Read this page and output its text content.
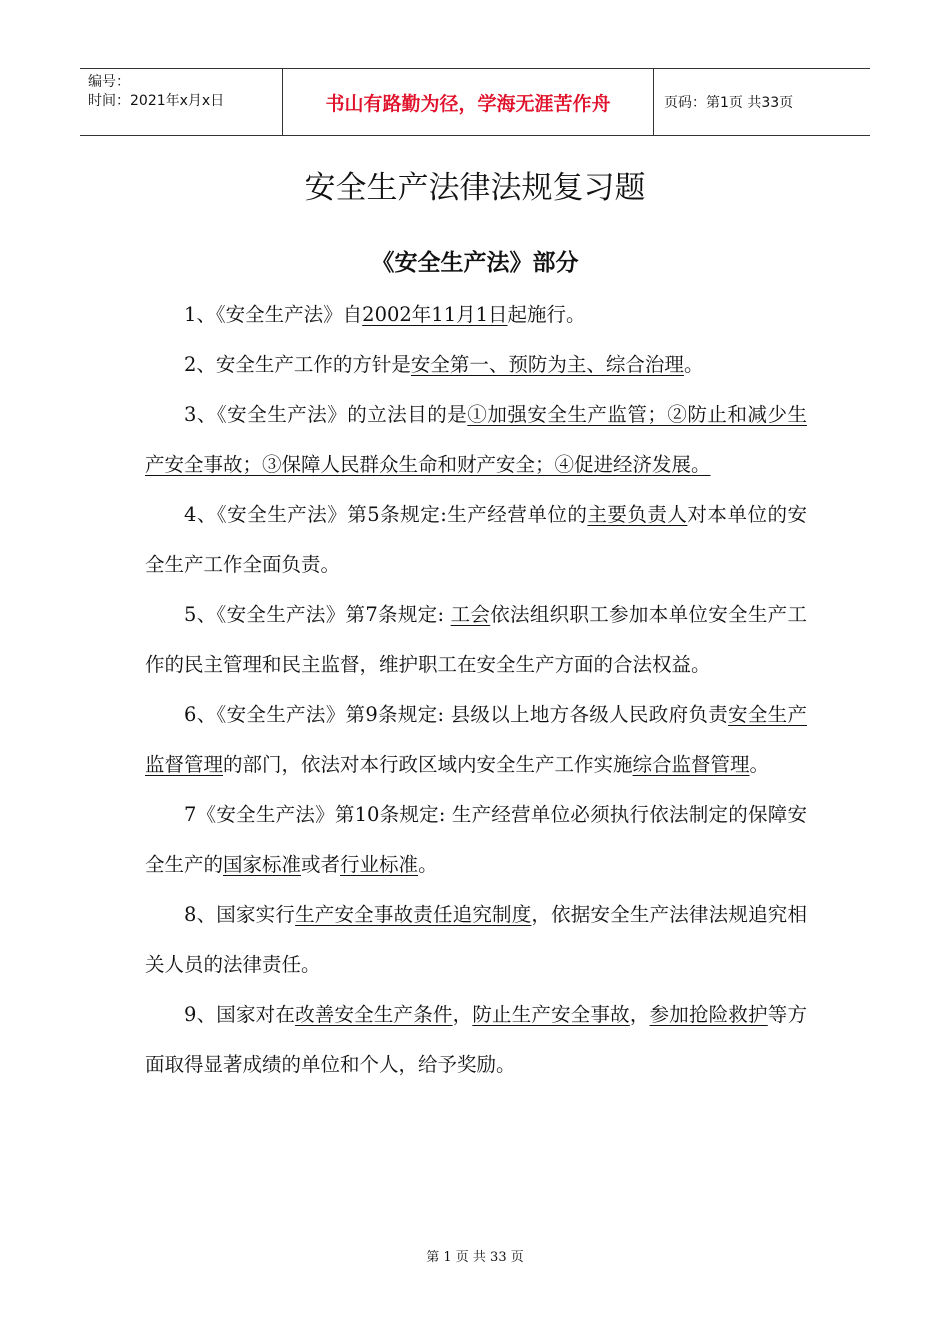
编号：
时间：2021年x月x日	书山有路勤为径，学海无涯苦作舟	页码：第1页 共33页
安全生产法律法规复习题
《安全生产法》部分

1、《安全生产法》自2002年11月1日起施行。

2、安全生产工作的方针是安全第一、预防为主、综合治理。

3、《安全生产法》的立法目的是①加强安全生产监管；②防止和减少生产安全事故；③保障人民群众生命和财产安全；④促进经济发展。

4、《安全生产法》第5条规定:生产经营单位的主要负责人对本单位的安全生产工作全面负责。

5、《安全生产法》第7条规定: 工会依法组织职工参加本单位安全生产工作的民主管理和民主监督，维护职工在安全生产方面的合法权益。

6、《安全生产法》第9条规定: 县级以上地方各级人民政府负责安全生产监督管理的部门，依法对本行政区域内安全生产工作实施综合监督管理。

7《安全生产法》第10条规定: 生产经营单位必须执行依法制定的保障安全生产的国家标准或者行业标准。

8、国家实行生产安全事故责任追究制度，依据安全生产法律法规追究相关人员的法律责任。

9、国家对在改善安全生产条件，防止生产安全事故，参加抢险救护等方面取得显著成绩的单位和个人，给予奖励。

第 1 页 共 33 页
